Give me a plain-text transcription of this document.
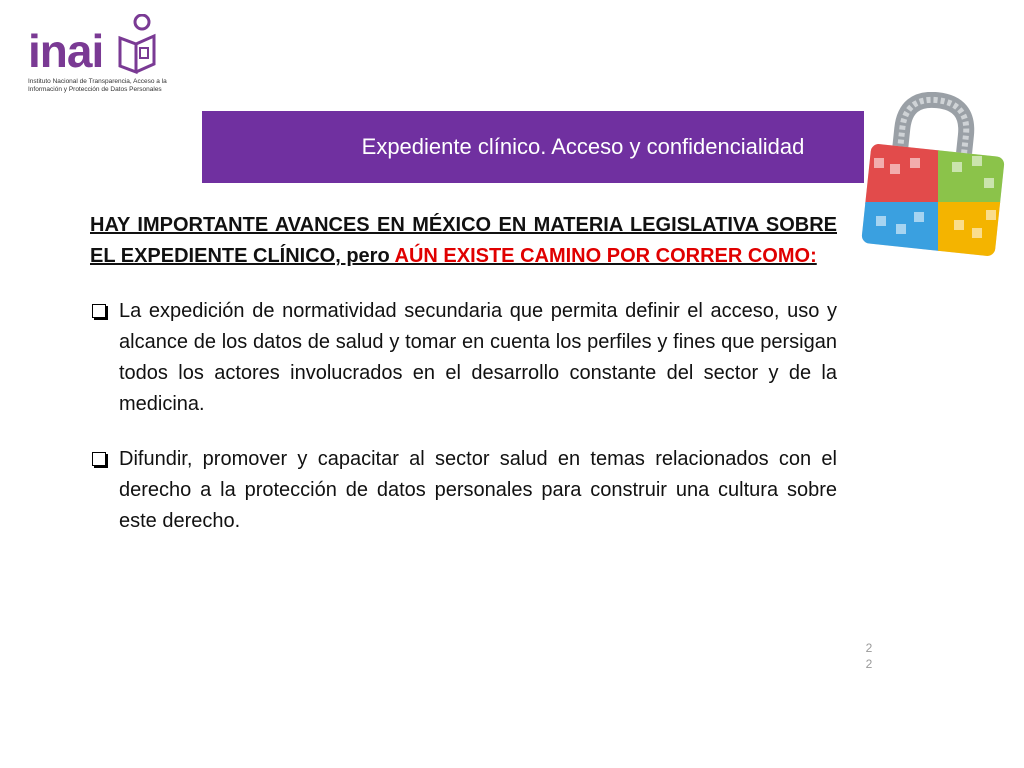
inai
Instituto Nacional de Transparencia, Acceso a la Información y Protección de Datos Personales
Expediente clínico. Acceso y confidencialidad

HAY IMPORTANTE AVANCES EN MÉXICO EN MATERIA LEGISLATIVA SOBRE EL EXPEDIENTE CLÍNICO, pero AÚN EXISTE CAMINO POR CORRER COMO:

La expedición de normatividad secundaria que permita definir el acceso, uso y alcance de los datos de salud y tomar en cuenta los perfiles y fines que persigan todos los actores involucrados en el desarrollo constante del sector y de la medicina.
Difundir, promover y capacitar al sector salud en temas relacionados con el derecho a la protección de datos personales para construir una cultura sobre este derecho.
22
